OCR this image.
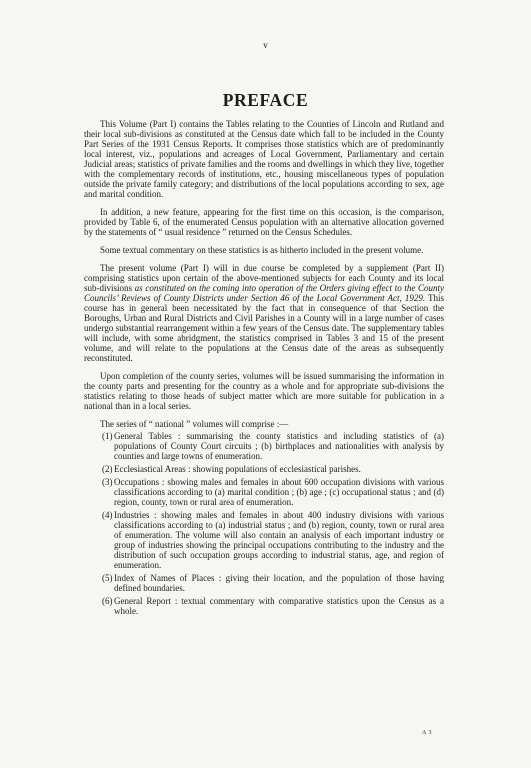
v
PREFACE

This Volume (Part I) contains the Tables relating to the Counties of Lincoln and Rutland and their local sub-divisions as constituted at the Census date which fall to be included in the County Part Series of the 1931 Census Reports. It comprises those statistics which are of predominantly local interest, viz., populations and acreages of Local Government, Parliamentary and certain Judicial areas; statistics of private families and the rooms and dwellings in which they live, together with the complementary records of institutions, etc., housing miscellaneous types of population outside the private family category; and distributions of the local populations according to sex, age and marital condition.

In addition, a new feature, appearing for the first time on this occasion, is the comparison, provided by Table 6, of the enumerated Census population with an alternative allocation governed by the statements of “ usual residence ” returned on the Census Schedules.

Some textual commentary on these statistics is as hitherto included in the present volume.

The present volume (Part I) will in due course be completed by a supplement (Part II) comprising statistics upon certain of the above-mentioned subjects for each County and its local sub-divisions as constituted on the coming into operation of the Orders giving effect to the County Councils’ Reviews of County Districts under Section 46 of the Local Government Act, 1929. This course has in general been necessitated by the fact that in consequence of that Section the Boroughs, Urban and Rural Districts and Civil Parishes in a County will in a large number of cases undergo substantial rearrangement within a few years of the Census date. The supplementary tables will include, with some abridgment, the statistics comprised in Tables 3 and 15 of the present volume, and will relate to the populations at the Census date of the areas as subsequently reconstituted.

Upon completion of the county series, volumes will be issued summarising the information in the county parts and presenting for the country as a whole and for appropriate sub-divisions the statistics relating to those heads of subject matter which are more suitable for publication in a national than in a local series.

The series of “ national ” volumes will comprise :—

(1) General Tables : summarising the county statistics and including statistics of (a) populations of County Court circuits ; (b) birthplaces and nationalities with analysis by counties and large towns of enumeration.
(2) Ecclesiastical Areas : showing populations of ecclesiastical parishes.
(3) Occupations : showing males and females in about 600 occupation divisions with various classifications according to (a) marital condition ; (b) age ; (c) occupational status ; and (d) region, county, town or rural area of enumeration.
(4) Industries : showing males and females in about 400 industry divisions with various classifications according to (a) industrial status ; and (b) region, county, town or rural area of enumeration. The volume will also contain an analysis of each important industry or group of industries showing the principal occupations contributing to the industry and the distribution of such occupation groups according to industrial status, age, and region of enumeration.
(5) Index of Names of Places : giving their location, and the population of those having defined boundaries.
(6) General Report : textual commentary with comparative statistics upon the Census as a whole.
A 3
